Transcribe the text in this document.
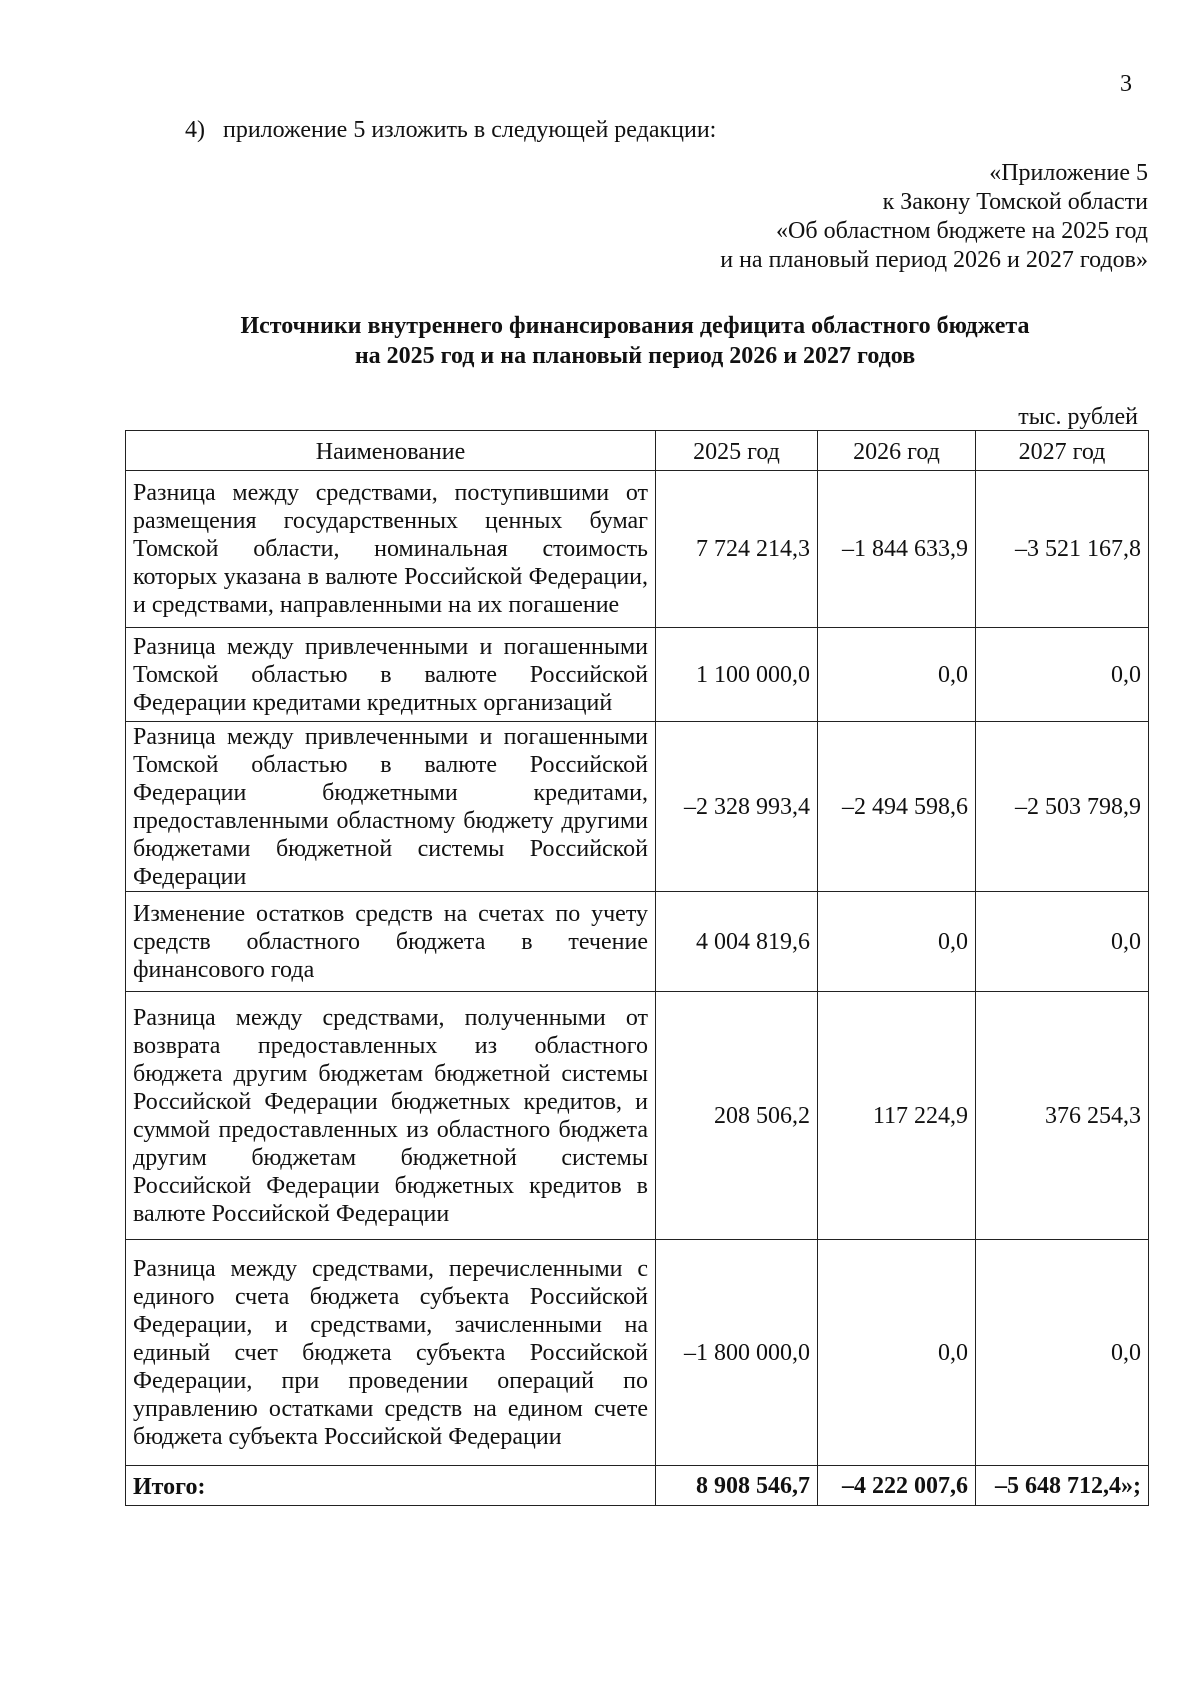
3
4)  приложение 5 изложить в следующей редакции:
«Приложение 5
к Закону Томской области
«Об областном бюджете на 2025 год
и на плановый период 2026 и 2027 годов»
Источники внутреннего финансирования дефицита областного бюджета
на 2025 год и на плановый период 2026 и 2027 годов
тыс. рублей
Наименование	2025 год	2026 год	2027 год
Разница между средствами, поступившими от размещения государственных ценных бумаг Томской области, номинальная стоимость которых указана в валюте Российской Федерации, и средствами, направленными на их погашение	7 724 214,3	–1 844 633,9	–3 521 167,8
Разница между привлеченными и погашенными Томской областью в валюте Российской Федерации кредитами кредитных организаций	1 100 000,0	0,0	0,0
Разница между привлеченными и погашенными Томской областью в валюте Российской Федерации бюджетными кредитами, предоставленными областному бюджету другими бюджетами бюджетной системы Российской Федерации	–2 328 993,4	–2 494 598,6	–2 503 798,9
Изменение остатков средств на счетах по учету средств областного бюджета в течение финансового года	4 004 819,6	0,0	0,0
Разница между средствами, полученными от возврата предоставленных из областного бюджета другим бюджетам бюджетной системы Российской Федерации бюджетных кредитов, и суммой предоставленных из областного бюджета другим бюджетам бюджетной системы Российской Федерации бюджетных кредитов в валюте Российской Федерации	208 506,2	117 224,9	376 254,3
Разница между средствами, перечисленными с единого счета бюджета субъекта Российской Федерации, и средствами, зачисленными на единый счет бюджета субъекта Российской Федерации, при проведении операций по управлению остатками средств на едином счете бюджета субъекта Российской Федерации	–1 800 000,0	0,0	0,0
Итого:	8 908 546,7	–4 222 007,6	–5 648 712,4»;
